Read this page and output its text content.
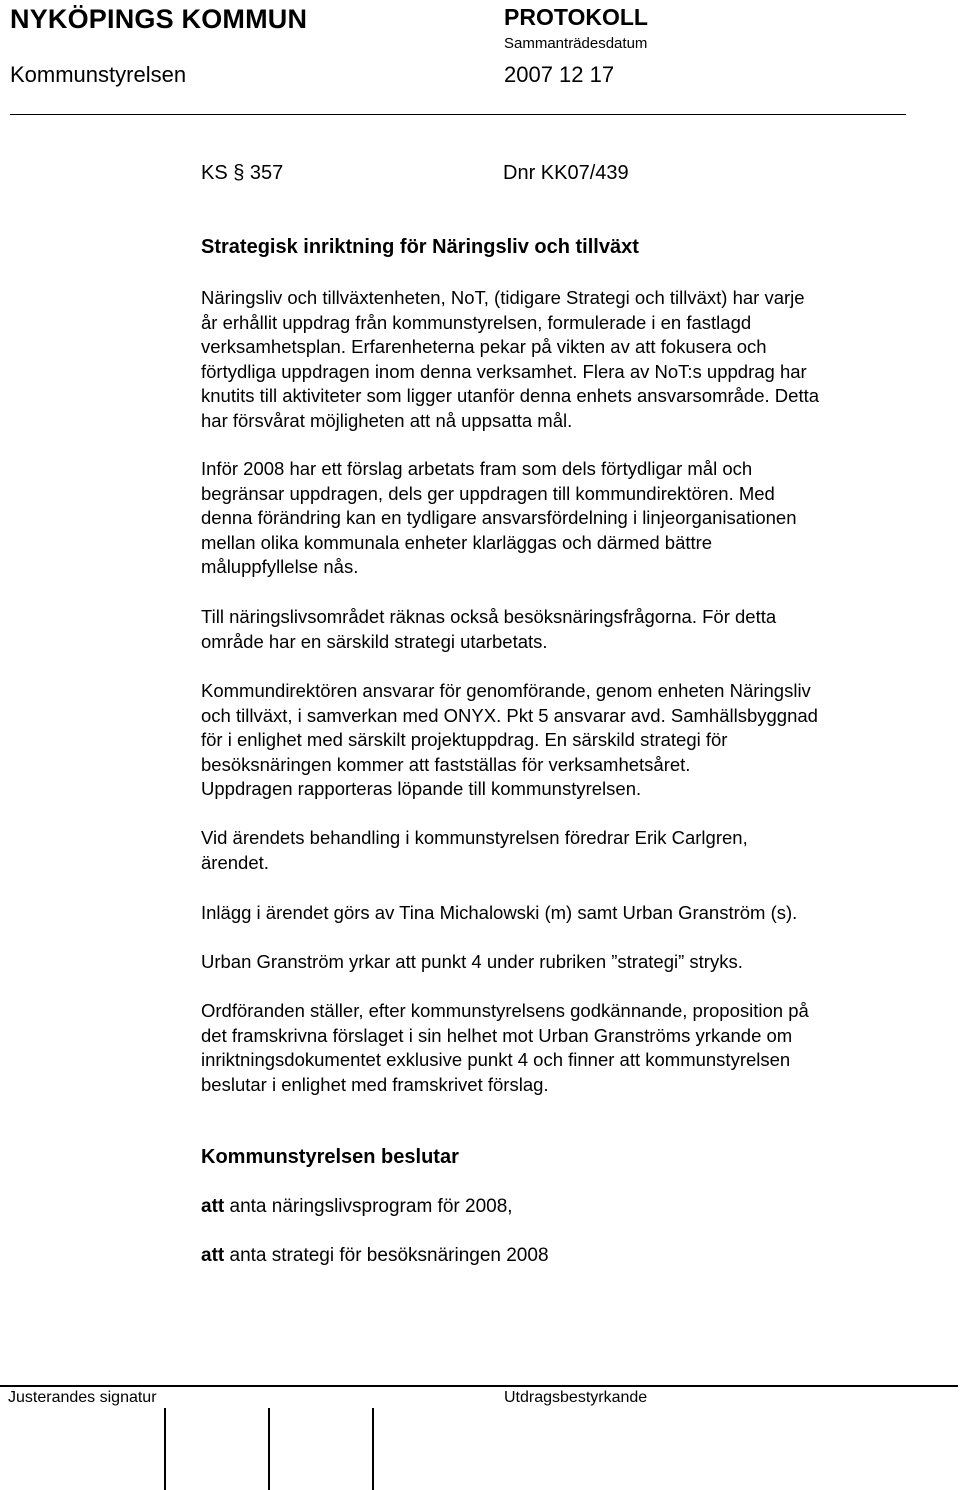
NYKÖPINGS KOMMUN	PROTOKOLL
Sammanträdesdatum
Kommunstyrelsen	2007 12 17
KS § 357	Dnr KK07/439
Strategisk inriktning för Näringsliv och tillväxt

Näringsliv och tillväxtenheten, NoT, (tidigare Strategi och tillväxt) har varje

år erhållit uppdrag från kommunstyrelsen, formulerade i en fastlagd

verksamhetsplan. Erfarenheterna pekar på vikten av att fokusera och

förtydliga uppdragen inom denna verksamhet. Flera av NoT:s uppdrag har

knutits till aktiviteter som ligger utanför denna enhets ansvarsområde. Detta

har försvårat möjligheten att nå uppsatta mål.

Inför 2008 har ett förslag arbetats fram som dels förtydligar mål och

begränsar uppdragen, dels ger uppdragen till kommundirektören. Med

denna förändring kan en tydligare ansvarsfördelning i linjeorganisationen

mellan olika kommunala enheter klarläggas och därmed bättre

måluppfyllelse nås.

Till näringslivsområdet räknas också besöksnäringsfrågorna. För detta

område har en särskild strategi utarbetats.

Kommundirektören ansvarar för genomförande, genom enheten Näringsliv

och tillväxt, i samverkan med ONYX. Pkt 5 ansvarar avd. Samhällsbyggnad

för i enlighet med särskilt projektuppdrag. En särskild strategi för

besöksnäringen kommer att fastställas för verksamhetsåret.

Uppdragen rapporteras löpande till kommunstyrelsen.

Vid ärendets behandling i kommunstyrelsen föredrar Erik Carlgren,

ärendet.

Inlägg i ärendet görs av Tina Michalowski (m) samt Urban Granström (s).

Urban Granström yrkar att punkt 4 under rubriken ”strategi” stryks.

Ordföranden ställer, efter kommunstyrelsens godkännande, proposition på

det framskrivna förslaget i sin helhet mot Urban Granströms yrkande om

inriktningsdokumentet exklusive punkt 4 och finner att kommunstyrelsen

beslutar i enlighet med framskrivet förslag.

Kommunstyrelsen beslutar
att anta näringslivsprogram för 2008,
att anta strategi för besöksnäringen 2008
Justerandes signatur	Utdragsbestyrkande
